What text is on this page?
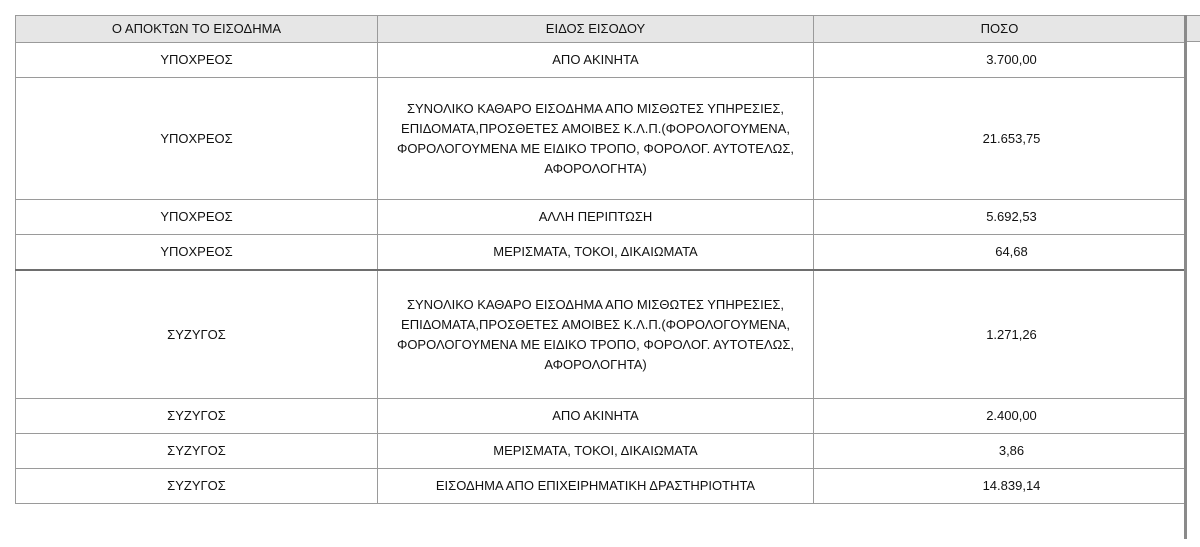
Ο ΑΠΟΚΤΩΝ ΤΟ ΕΙΣΟΔΗΜΑ	ΕΙΔΟΣ ΕΙΣΟΔΟΥ	ΠΟΣΟ
ΥΠΟΧΡΕΟΣ	ΑΠΟ ΑΚΙΝΗΤΑ	3.700,00
ΥΠΟΧΡΕΟΣ	ΣΥΝΟΛΙΚΟ ΚΑΘΑΡΟ ΕΙΣΟΔΗΜΑ ΑΠΟ ΜΙΣΘΩΤΕΣ ΥΠΗΡΕΣΙΕΣ, ΕΠΙΔΟΜΑΤΑ,ΠΡΟΣΘΕΤΕΣ ΑΜΟΙΒΕΣ Κ.Λ.Π.(ΦΟΡΟΛΟΓΟΥΜΕΝΑ, ΦΟΡΟΛΟΓΟΥΜΕΝΑ ΜΕ ΕΙΔΙΚΟ ΤΡΟΠΟ, ΦΟΡΟΛΟΓ. ΑΥΤΟΤΕΛΩΣ, ΑΦΟΡΟΛΟΓΗΤΑ)	21.653,75
ΥΠΟΧΡΕΟΣ	ΑΛΛΗ ΠΕΡΙΠΤΩΣΗ	5.692,53
ΥΠΟΧΡΕΟΣ	ΜΕΡΙΣΜΑΤΑ, ΤΟΚΟΙ, ΔΙΚΑΙΩΜΑΤΑ	64,68
ΣΥΖΥΓΟΣ	ΣΥΝΟΛΙΚΟ ΚΑΘΑΡΟ ΕΙΣΟΔΗΜΑ ΑΠΟ ΜΙΣΘΩΤΕΣ ΥΠΗΡΕΣΙΕΣ, ΕΠΙΔΟΜΑΤΑ,ΠΡΟΣΘΕΤΕΣ ΑΜΟΙΒΕΣ Κ.Λ.Π.(ΦΟΡΟΛΟΓΟΥΜΕΝΑ, ΦΟΡΟΛΟΓΟΥΜΕΝΑ ΜΕ ΕΙΔΙΚΟ ΤΡΟΠΟ, ΦΟΡΟΛΟΓ. ΑΥΤΟΤΕΛΩΣ, ΑΦΟΡΟΛΟΓΗΤΑ)	1.271,26
ΣΥΖΥΓΟΣ	ΑΠΟ ΑΚΙΝΗΤΑ	2.400,00
ΣΥΖΥΓΟΣ	ΜΕΡΙΣΜΑΤΑ, ΤΟΚΟΙ, ΔΙΚΑΙΩΜΑΤΑ	3,86
ΣΥΖΥΓΟΣ	ΕΙΣΟΔΗΜΑ ΑΠΟ ΕΠΙΧΕΙΡΗΜΑΤΙΚΗ ΔΡΑΣΤΗΡΙΟΤΗΤΑ	14.839,14
